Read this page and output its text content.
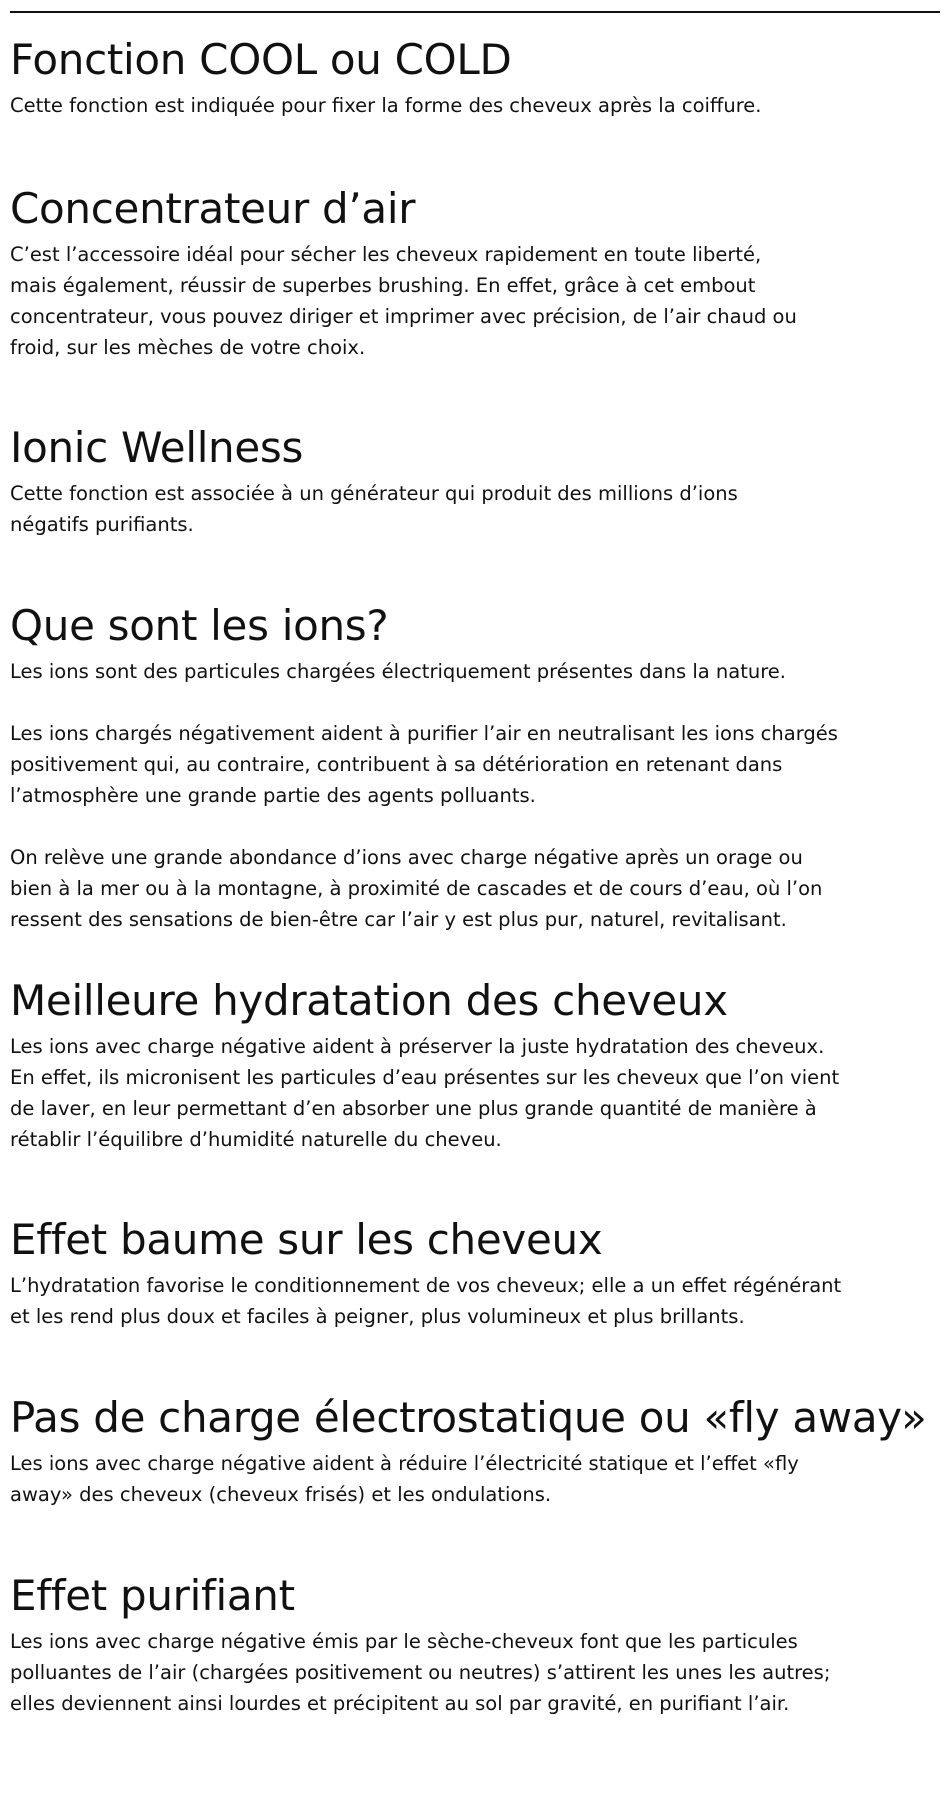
Fonction COOL ou COLD

Cette fonction est indiquée pour fixer la forme des cheveux après la coiffure.

Concentrateur d’air

C’est l’accessoire idéal pour sécher les cheveux rapidement en toute liberté,
mais également, réussir de superbes brushing. En effet, grâce à cet embout
concentrateur, vous pouvez diriger et imprimer avec précision, de l’air chaud ou
froid, sur les mèches de votre choix.

Ionic Wellness

Cette fonction est associée à un générateur qui produit des millions d’ions
négatifs purifiants.

Que sont les ions?

Les ions sont des particules chargées électriquement présentes dans la nature.

Les ions chargés négativement aident à purifier l’air en neutralisant les ions chargés
positivement qui, au contraire, contribuent à sa détérioration en retenant dans
l’atmosphère une grande partie des agents polluants.

On relève une grande abondance d’ions avec charge négative après un orage ou
bien à la mer ou à la montagne, à proximité de cascades et de cours d’eau, où l’on
ressent des sensations de bien-être car l’air y est plus pur, naturel, revitalisant.

Meilleure hydratation des cheveux

Les ions avec charge négative aident à préserver la juste hydratation des cheveux.
En effet, ils micronisent les particules d’eau présentes sur les cheveux que l’on vient
de laver, en leur permettant d’en absorber une plus grande quantité de manière à
rétablir l’équilibre d’humidité naturelle du cheveu.

Effet baume sur les cheveux

L’hydratation favorise le conditionnement de vos cheveux; elle a un effet régénérant
et les rend plus doux et faciles à peigner, plus volumineux et plus brillants.

Pas de charge électrostatique ou «fly away»

Les ions avec charge négative aident à réduire l’électricité statique et l’effet «fly
away» des cheveux (cheveux frisés) et les ondulations.

Effet purifiant

Les ions avec charge négative émis par le sèche-cheveux font que les particules
polluantes de l’air (chargées positivement ou neutres) s’attirent les unes les autres;
elles deviennent ainsi lourdes et précipitent au sol par gravité, en purifiant l’air.
